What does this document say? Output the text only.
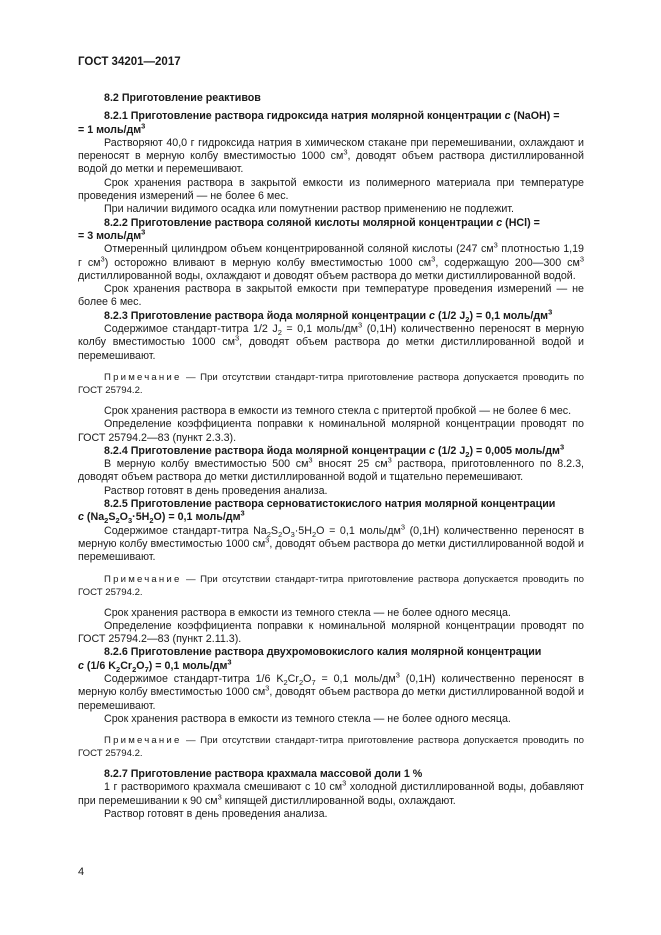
ГОСТ 34201—2017

8.2 Приготовление реактивов

8.2.1 Приготовление раствора гидроксида натрия молярной концентрации с (NaOH) =

= 1 моль/$дм^3$

Растворяют 40,0 г гидроксида натрия в химическом стакане при перемешивании, охлаждают и переносят в мерную колбу вместимостью 1000 $см^3$, доводят объем раствора дистиллированной водой до метки и перемешивают.

Срок хранения раствора в закрытой емкости из полимерного материала при температуре проведения измерений — не более 6 мес.

При наличии видимого осадка или помутнении раствор применению не подлежит.

8.2.2 Приготовление раствора соляной кислоты молярной концентрации с (HCl) =

= 3 моль/$дм^3$

Отмеренный цилиндром объем концентрированной соляной кислоты (247 $см^3$ плотностью 1,19 г $см^3$) осторожно вливают в мерную колбу вместимостью 1000 $см^3$, содержащую 200—300 $см^3$ дистиллированной воды, охлаждают и доводят объем раствора до метки дистиллированной водой.

Срок хранения раствора в закрытой емкости при температуре проведения измерений — не более 6 мес.

8.2.3 Приготовление раствора йода молярной концентрации с (1/2 $J_2) = 0,1$ моль/$дм^3$

Содержимое стандарт-титра 1/2 $J_2 = 0,1$ моль/$дм^3$ (0,1Н) количественно переносят в мерную колбу вместимостью 1000 $см^3$, доводят объем раствора до метки дистиллированной водой и перемешивают.

Примечание — При отсутствии стандарт-титра приготовление раствора допускается проводить по ГОСТ 25794.2.

Срок хранения раствора в емкости из темного стекла с притертой пробкой — не более 6 мес.

Определение коэффициента поправки к номинальной молярной концентрации проводят по ГОСТ 25794.2—83 (пункт 2.3.3).

8.2.4 Приготовление раствора йода молярной концентрации с (1/2 $J_2) = 0,005$ моль/$дм^3$

В мерную колбу вместимостью 500 $см^3$ вносят 25 $см^3$ раствора, приготовленного по 8.2.3, доводят объем раствора до метки дистиллированной водой и тщательно перемешивают.

Раствор готовят в день проведения анализа.

8.2.5 Приготовление раствора серноватистокислого натрия молярной концентрации

с $(Na_2S_2O_3\cdot 5H_2O) = 0,1$ моль/$дм^3$

Содержимое стандарт-титра $Na_2S_2O_3\cdot 5H_2O = 0,1$ моль/$дм^3$ (0,1Н) количественно переносят в мерную колбу вместимостью 1000 $см^3$, доводят объем раствора до метки дистиллированной водой и перемешивают.

Примечание — При отсутствии стандарт-титра приготовление раствора допускается проводить по ГОСТ 25794.2.

Срок хранения раствора в емкости из темного стекла — не более одного месяца.

Определение коэффициента поправки к номинальной молярной концентрации проводят по ГОСТ 25794.2—83 (пункт 2.11.3).

8.2.6 Приготовление раствора двухромовокислого калия молярной концентрации

с (1/6 $K_2Cr_2O_7) = 0,1$ моль/$дм^3$

Содержимое стандарт-титра 1/6 $K_2Cr_2O_7 = 0,1$ моль/$дм^3$ (0,1Н) количественно переносят в мерную колбу вместимостью 1000 $см^3$, доводят объем раствора до метки дистиллированной водой и перемешивают.

Срок хранения раствора в емкости из темного стекла — не более одного месяца.

Примечание — При отсутствии стандарт-титра приготовление раствора допускается проводить по ГОСТ 25794.2.

8.2.7 Приготовление раствора крахмала массовой доли 1 %

1 г растворимого крахмала смешивают с 10 $см^3$ холодной дистиллированной воды, добавляют при перемешивании к 90 $см^3$ кипящей дистиллированной воды, охлаждают.

Раствор готовят в день проведения анализа.

4
